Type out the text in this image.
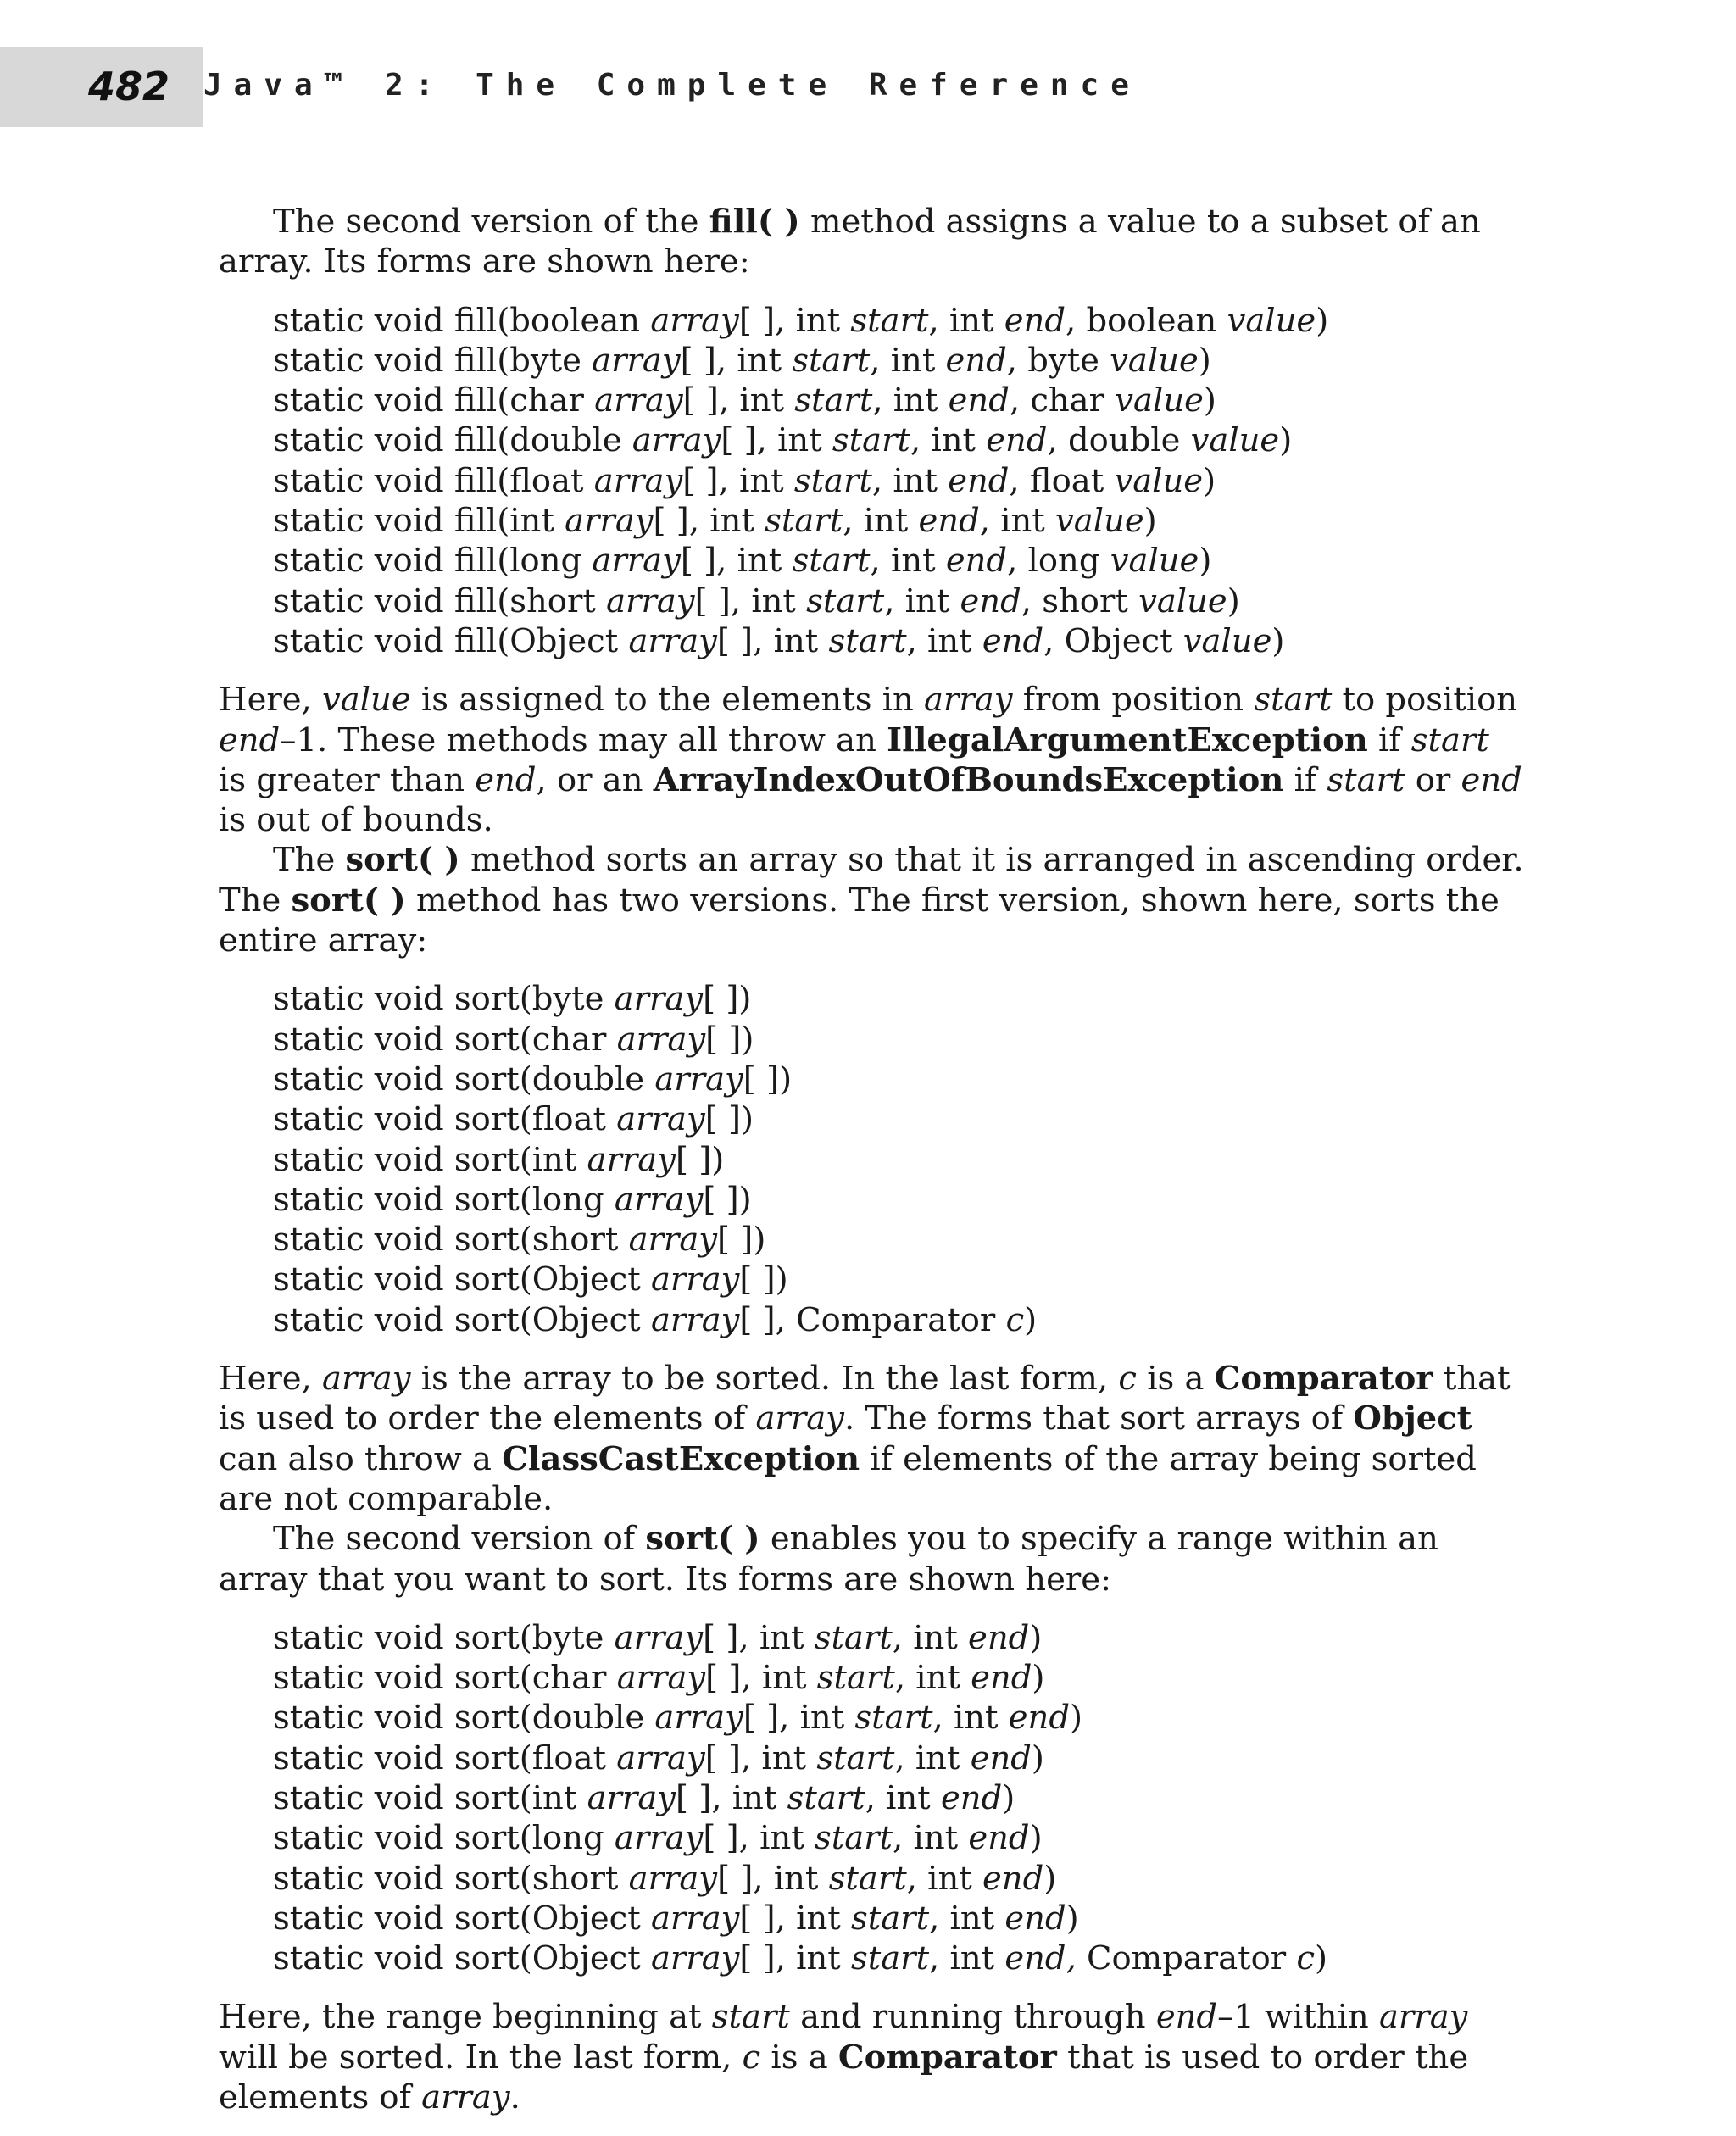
482 Java™ 2: The Complete Reference

The second version of the fill( ) method assigns a value to a subset of an array. Its forms are shown here:

static void fill(boolean array[ ], int start, int end, boolean value)
static void fill(byte array[ ], int start, int end, byte value)
static void fill(char array[ ], int start, int end, char value)
static void fill(double array[ ], int start, int end, double value)
static void fill(float array[ ], int start, int end, float value)
static void fill(int array[ ], int start, int end, int value)
static void fill(long array[ ], int start, int end, long value)
static void fill(short array[ ], int start, int end, short value)
static void fill(Object array[ ], int start, int end, Object value)

Here, value is assigned to the elements in array from position start to position end–1. These methods may all throw an IllegalArgumentException if start is greater than end, or an ArrayIndexOutOfBoundsException if start or end is out of bounds.

The sort( ) method sorts an array so that it is arranged in ascending order. The sort( ) method has two versions. The first version, shown here, sorts the entire array:

static void sort(byte array[ ])
static void sort(char array[ ])
static void sort(double array[ ])
static void sort(float array[ ])
static void sort(int array[ ])
static void sort(long array[ ])
static void sort(short array[ ])
static void sort(Object array[ ])
static void sort(Object array[ ], Comparator c)

Here, array is the array to be sorted. In the last form, c is a Comparator that is used to order the elements of array. The forms that sort arrays of Object can also throw a ClassCastException if elements of the array being sorted are not comparable.

The second version of sort( ) enables you to specify a range within an array that you want to sort. Its forms are shown here:

static void sort(byte array[ ], int start, int end)
static void sort(char array[ ], int start, int end)
static void sort(double array[ ], int start, int end)
static void sort(float array[ ], int start, int end)
static void sort(int array[ ], int start, int end)
static void sort(long array[ ], int start, int end)
static void sort(short array[ ], int start, int end)
static void sort(Object array[ ], int start, int end)
static void sort(Object array[ ], int start, int end, Comparator c)

Here, the range beginning at start and running through end–1 within array will be sorted. In the last form, c is a Comparator that is used to order the elements of array.
